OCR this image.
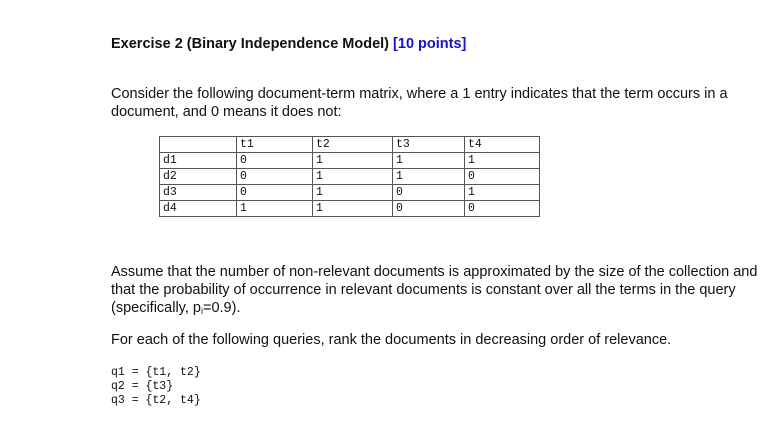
Exercise 2 (Binary Independence Model) [10 points]
Consider the following document-term matrix, where a 1 entry indicates that the term occurs in a document, and 0 means it does not:
	t1	t2	t3	t4
d1	0	1	1	1
d2	0	1	1	0
d3	0	1	0	1
d4	1	1	0	0
Assume that the number of non-relevant documents is approximated by the size of the collection and that the probability of occurrence in relevant documents is constant over all the terms in the query (specifically, $p_i=0.9$).
For each of the following queries, rank the documents in decreasing order of relevance.
q1 = {t1, t2}
q2 = {t3}
q3 = {t2, t4}
